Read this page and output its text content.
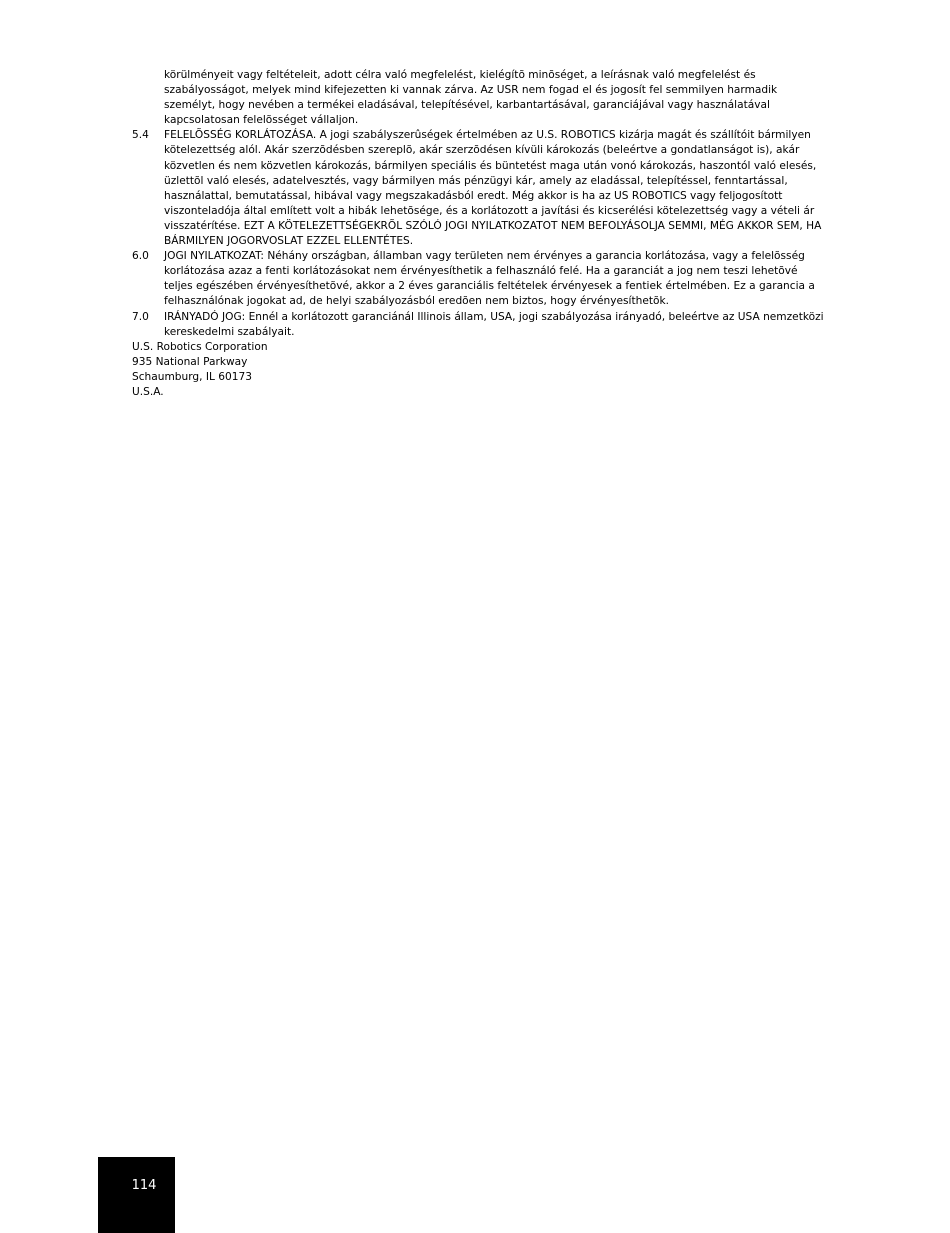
körülményeit vagy feltételeit, adott célra való megfelelést, kielégítõ minõséget, a leírásnak való megfelelést és szabályosságot, melyek mind kifejezetten ki vannak zárva. Az USR nem fogad el és jogosít fel semmilyen harmadik személyt, hogy nevében a termékei eladásával, telepítésével, karbantartásával, garanciájával vagy használatával kapcsolatosan felelõsséget vállaljon.

5.4 FELELÕSSÉG KORLÁTOZÁSA. A jogi szabályszerûségek értelmében az U.S. ROBOTICS kizárja magát és szállítóit bármilyen kötelezettség alól. Akár szerzõdésben szereplõ, akár szerzõdésen kívüli károkozás (beleértve a gondatlanságot is), akár közvetlen és nem közvetlen károkozás, bármilyen speciális és büntetést maga után vonó károkozás, haszontól való elesés, üzlettõl való elesés, adatelvesztés, vagy bármilyen más pénzügyi kár, amely az eladással, telepítéssel, fenntartással, használattal, bemutatással, hibával vagy megszakadásból eredt. Még akkor is ha az US ROBOTICS vagy feljogosított viszonteladója által említett volt a hibák lehetõsége, és a korlátozott a javítási és kicserélési kötelezettség vagy a vételi ár visszatérítése. EZT A KÖTELEZETTSÉGEKRÕL SZÓLÓ JOGI NYILATKOZATOT NEM BEFOLYÁSOLJA SEMMI, MÉG AKKOR SEM, HA BÁRMILYEN JOGORVOSLAT EZZEL ELLENTÉTES.

6.0 JOGI NYILATKOZAT: Néhány országban, államban vagy területen nem érvényes a garancia korlátozása, vagy a felelõsség korlátozása azaz a fenti korlátozásokat nem érvényesíthetik a felhasználó felé. Ha a garanciát a jog nem teszi lehetõvé teljes egészében érvényesíthetõvé, akkor a 2 éves garanciális feltételek érvényesek a fentiek értelmében. Ez a garancia a felhasználónak jogokat ad, de helyi szabályozásból eredõen nem biztos, hogy érvényesíthetõk.

7.0 IRÁNYADÓ JOG: Ennél a korlátozott garanciánál Illinois állam, USA, jogi szabályozása irányadó, beleértve az USA nemzetközi kereskedelmi szabályait.

U.S. Robotics Corporation
935 National Parkway
Schaumburg, IL 60173
U.S.A.
114
